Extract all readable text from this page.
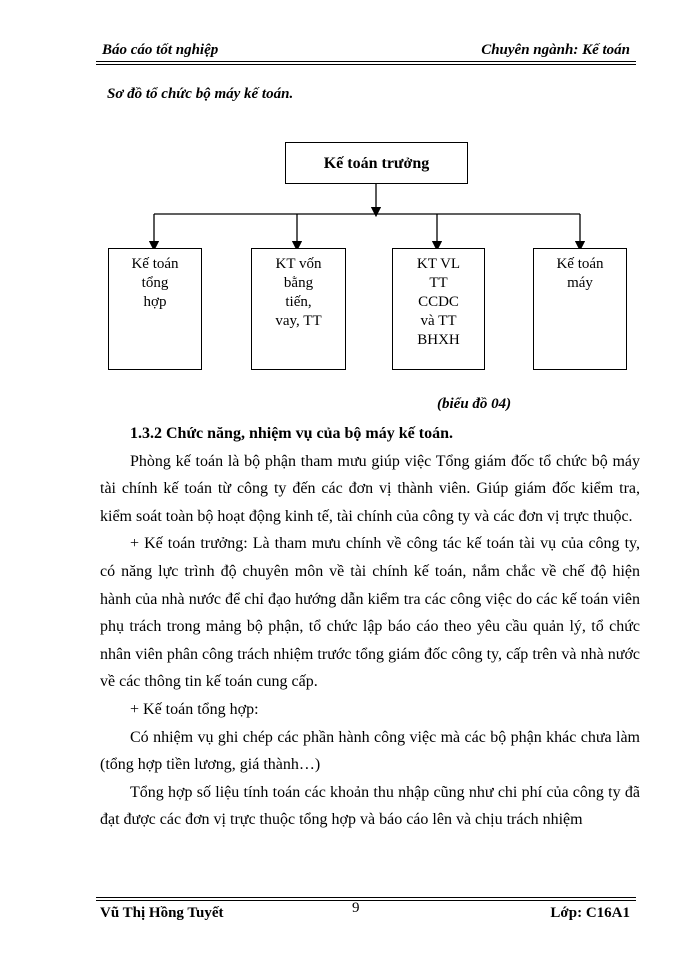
Báo cáo tốt nghiệp	Chuyên ngành: Kế toán
Sơ đồ tổ chức bộ máy kế toán.
Kế toán trưởng
Kế toán
tổng
hợp
KT vốn
bằng
tiến,
vay, TT
KT VL
TT
CCDC
và TT
BHXH
Kế toán
máy
(biểu đồ 04)

1.3.2 Chức năng, nhiệm vụ của bộ máy kế toán.

Phòng kế toán là bộ phận tham mưu giúp việc Tổng giám đốc tổ chức bộ máy tài chính kế toán từ công ty đến các đơn vị thành viên. Giúp giám đốc kiểm tra, kiểm soát toàn bộ hoạt động kinh tế, tài chính của công ty và các đơn vị trực thuộc.

+ Kế toán trưởng: Là tham mưu chính về công tác kế toán tài vụ của công ty, có năng lực trình độ chuyên môn về tài chính kế toán, nắm chắc về chế độ hiện hành của nhà nước để chỉ đạo hướng dẫn kiểm tra các công việc do các kế toán viên phụ trách trong mảng bộ phận, tổ chức lập báo cáo theo yêu cầu quản lý, tổ chức nhân viên phân công trách nhiệm trước tổng giám đốc công ty, cấp trên và nhà nước về các thông tin kế toán cung cấp.

+ Kế toán tổng hợp:

Có nhiệm vụ ghi chép các phần hành công việc mà các bộ phận khác chưa làm (tổng hợp tiền lương, giá thành…)

Tổng hợp số liệu tính toán các khoản thu nhập cũng như chi phí của công ty đã đạt được các đơn vị trực thuộc tổng hợp và báo cáo lên và chịu trách nhiệm

Vũ Thị Hồng Tuyết	9	Lớp: C16A1
